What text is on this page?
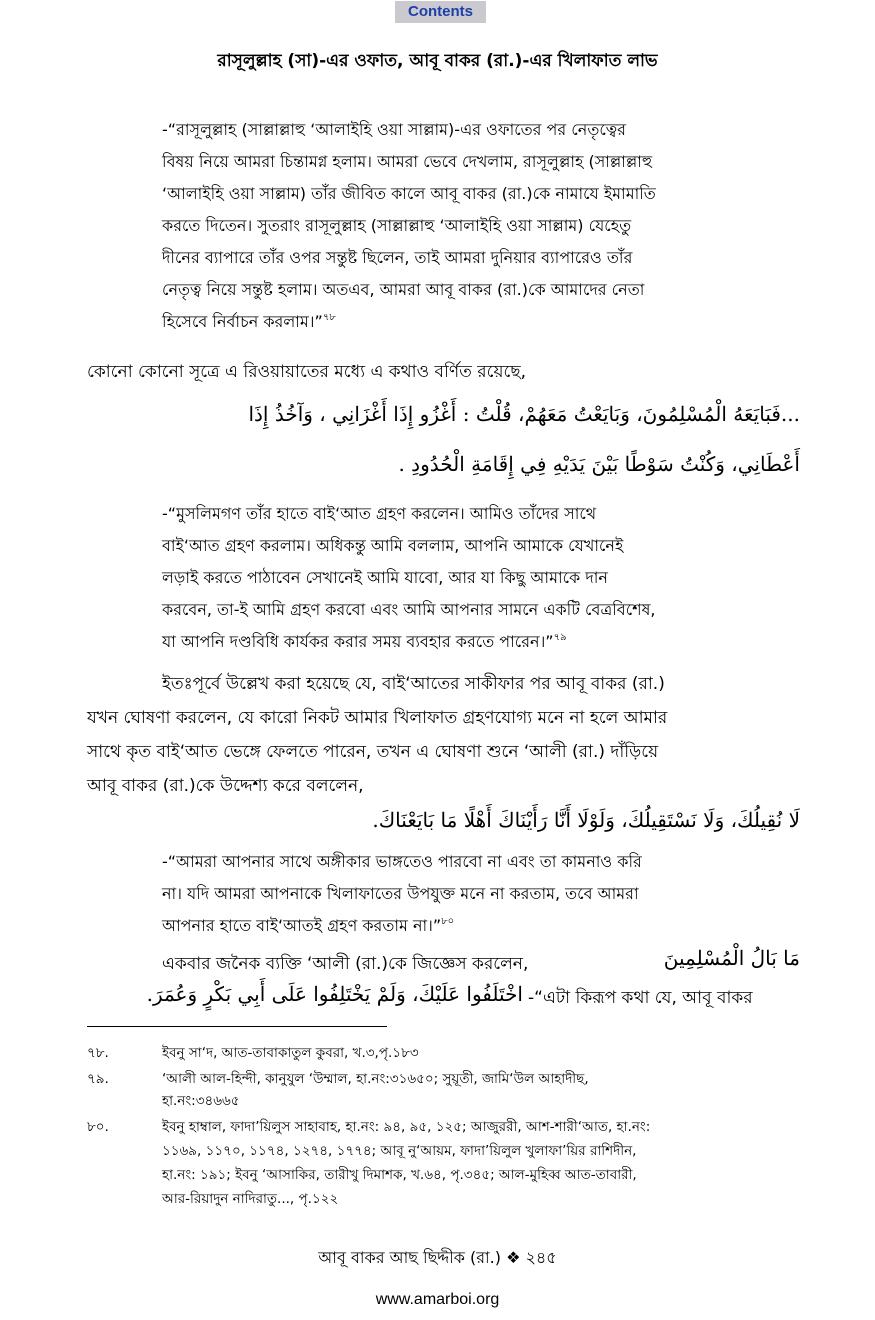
Contents
রাসূলুল্লাহ (সা)-এর ওফাত, আবূ বাকর (রা.)-এর খিলাফাত লাভ
-“রাসূলুল্লাহ (সাল্লাল্লাহু ‘আলাইহি ওয়া সাল্লাম)-এর ওফাতের পর নেতৃত্বের
বিষয় নিয়ে আমরা চিন্তামগ্ন হলাম। আমরা ভেবে দেখলাম, রাসূলুল্লাহ (সাল্লাল্লাহু
‘আলাইহি ওয়া সাল্লাম) তাঁর জীবিত কালে আবূ বাকর (রা.)কে নামাযে ইমামাতি
করতে দিতেন। সুতরাং রাসূলুল্লাহ (সাল্লাল্লাহু ‘আলাইহি ওয়া সাল্লাম) যেহেতু
দীনের ব্যাপারে তাঁর ওপর সন্তুষ্ট ছিলেন, তাই আমরা দুনিয়ার ব্যাপারেও তাঁর
নেতৃত্ব নিয়ে সন্তুষ্ট হলাম। অতএব, আমরা আবূ বাকর (রা.)কে আমাদের নেতা
হিসেবে নির্বাচন করলাম।”$^{৭৮}$
কোনো কোনো সূত্রে এ রিওয়ায়াতের মধ্যে এ কথাও বর্ণিত রয়েছে,
...فَبَايَعَهُ الْمُسْلِمُونَ، وَبَايَعْتُ مَعَهُمْ، قُلْتُ : أَغْزُو إِذَا أَغْزَانِي ، وَآخُذُ إِذَا
أَعْطَانِي، وَكُنْتُ سَوْطًا بَيْنَ يَدَيْهِ فِي إِقَامَةِ الْحُدُودِ .
-“মুসলিমগণ তাঁর হাতে বাই‘আত গ্রহণ করলেন। আমিও তাঁদের সাথে
বাই‘আত গ্রহণ করলাম। অধিকন্তু আমি বললাম, আপনি আমাকে যেখানেই
লড়াই করতে পাঠাবেন সেখানেই আমি যাবো, আর যা কিছু আমাকে দান
করবেন, তা-ই আমি গ্রহণ করবো এবং আমি আপনার সামনে একটি বেত্রবিশেষ,
যা আপনি দণ্ডবিধি কার্যকর করার সময় ব্যবহার করতে পারেন।”$^{৭৯}$
ইতঃপূর্বে উল্লেখ করা হয়েছে যে, বাই‘আতের সাকীফার পর আবূ বাকর (রা.)
যখন ঘোষণা করলেন, যে কারো নিকট আমার খিলাফাত গ্রহণযোগ্য মনে না হলে আমার
সাথে কৃত বাই‘আত ভেঙ্গে ফেলতে পারেন, তখন এ ঘোষণা শুনে ‘আলী (রা.) দাঁড়িয়ে
আবূ বাকর (রা.)কে উদ্দেশ্য করে বললেন,
لَا نُقِيلُكَ، وَلَا نَسْتَقِيلُكَ، وَلَوْلَا أَنَّا رَأَيْنَاكَ أَهْلًا مَا بَايَعْنَاكَ.
-“আমরা আপনার সাথে অঙ্গীকার ভাঙ্গতেও পারবো না এবং তা কামনাও করি
না। যদি আমরা আপনাকে খিলাফাতের উপযুক্ত মনে না করতাম, তবে আমরা
আপনার হাতে বাই‘আতই গ্রহণ করতাম না।”$^{৮০}$
একবার জনৈক ব্যক্তি ‘আলী (রা.)কে জিজ্ঞেস করলেন,	مَا بَالُ الْمُسْلِمِينَ
اخْتَلَفُوا عَلَيْكَ، وَلَمْ يَخْتَلِفُوا عَلَى أَبِي بَكْرٍ وَعُمَرَ. -“এটা কিরূপ কথা যে, আবূ বাকর
৭৮.	ইবনু সা‘দ, আত-তাবাকাতুল কুবরা, খ.৩,পৃ.১৮৩
৭৯.	‘আলী আল-হিন্দী, কানুযুল ‘উম্মাল, হা.নং:৩১৬৫০; সুয়ূতী, জামি‘উল আহাদীছ,
হা.নং:৩৪৬৬৫
৮০.	ইবনু হাম্বাল, ফাদা’য়িলুস সাহাবাহ, হা.নং: ৯৪, ৯৫, ১২৫; আজুররী, আশ-শারী‘আত, হা.নং:
১১৬৯, ১১৭০, ১১৭৪, ১২৭৪, ১৭৭৪; আবূ নু‘আয়ম, ফাদা’য়িলুল খুলাফা’য়ির রাশিদীন,
হা.নং: ১৯১; ইবনু ‘আসাকির, তারীখু দিমাশক, খ.৬৪, পৃ.৩৪৫; আল-মুহিব্ব আত-তাবারী,
আর-রিয়াদুন নাদিরাতু..., পৃ.১২২
আবূ বাকর আছ ছিদ্দীক (রা.) ❖ ২৪৫
www.amarboi.org
